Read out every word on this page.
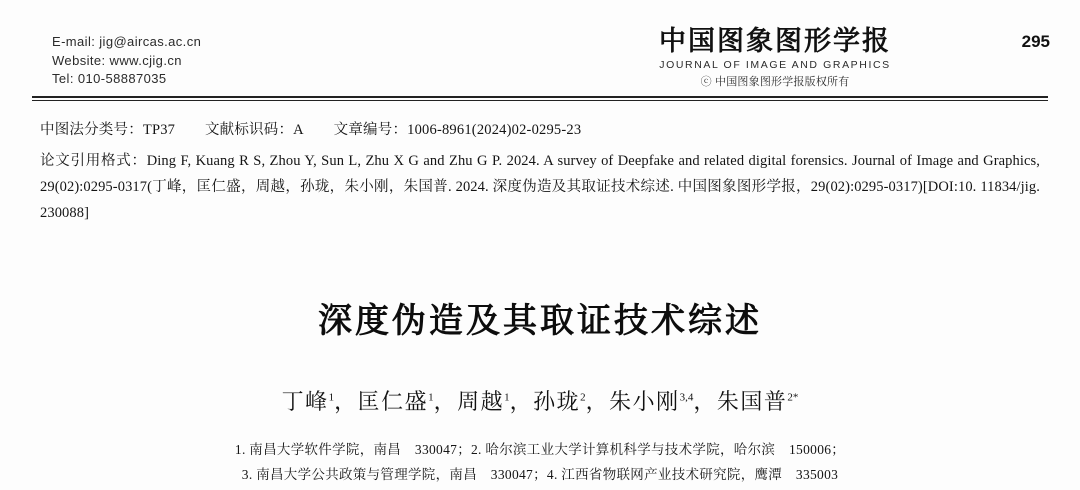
E-mail: jig@aircas.ac.cn
Website: www.cjig.cn
Tel: 010-58887035
中国图象图形学报
JOURNAL OF IMAGE AND GRAPHICS
ⓒ 中国图象图形学报版权所有
295
中图法分类号：TP37 文献标识码：A 文章编号：1006-8961(2024)02-0295-23
论文引用格式：Ding F, Kuang R S, Zhou Y, Sun L, Zhu X G and Zhu G P. 2024. A survey of Deepfake and related digital forensics. Journal of Image and Graphics, 29(02):0295-0317(丁峰，匡仁盛，周越，孙珑，朱小刚，朱国普. 2024. 深度伪造及其取证技术综述. 中国图象图形学报，29(02):0295-0317)[DOI:10. 11834/jig. 230088]
深度伪造及其取证技术综述
丁峰$^1$，匡仁盛$^1$，周越$^1$，孙珑$^2$，朱小刚$^{3,4}$，朱国普$^{2*}$
1. 南昌大学软件学院，南昌　330047；2. 哈尔滨工业大学计算机科学与技术学院，哈尔滨　150006；
3. 南昌大学公共政策与管理学院，南昌　330047；4. 江西省物联网产业技术研究院，鹰潭　335003
